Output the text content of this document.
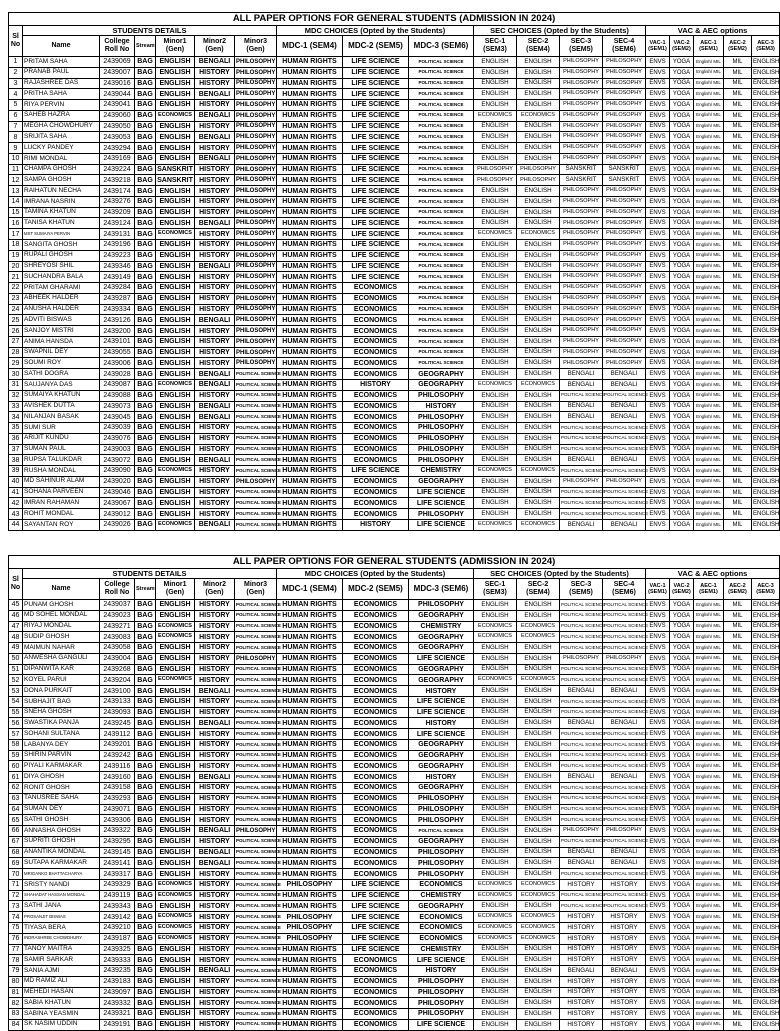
ALL PAPER OPTIONS FOR GENERAL STUDENTS (ADMISSION IN 2024)																		
Sl No	STUDENTS DETAILS						MDC CHOICES (Opted by the Students)			SEC CHOICES (Opted by the Students)				VAC & AEC options				
	Name	College Roll No	Stream	Minor1 (Gen)	Minor2 (Gen)	Minor3 (Gen)	MDC-1 (SEM4)	MDC-2 (SEM5)	MDC-3 (SEM6)	SEC-1 (SEM3)	SEC-2 (SEM4)	SEC-3 (SEM5)	SEC-4 (SEM6)	VAC-1 (SEM1)	VAC-2 (SEM2)	AEC-1 (SEM1)	AEC-2 (SEM2)	AEC-3 (SEM3)
1	PRITAM SAHA	2439069	BAG	ENGLISH	BENGALI	PHILOSOPHY	HUMAN RIGHTS	LIFE SCIENCE	POLITICAL SCIENCE	ENGLISH	ENGLISH	PHILOSOPHY	PHILOSOPHY	ENVS	YOGA	English/ MIL	MIL	ENGLISH
2	PRANAB PAUL	2439007	BAG	ENGLISH	HISTORY	PHILOSOPHY	HUMAN RIGHTS	LIFE SCIENCE	POLITICAL SCIENCE	ENGLISH	ENGLISH	PHILOSOPHY	PHILOSOPHY	ENVS	YOGA	English/ MIL	MIL	ENGLISH
3	RAJASHREE DAS	2439016	BAG	ENGLISH	HISTORY	PHILOSOPHY	HUMAN RIGHTS	LIFE SCIENCE	POLITICAL SCIENCE	ENGLISH	ENGLISH	PHILOSOPHY	PHILOSOPHY	ENVS	YOGA	English/ MIL	MIL	ENGLISH
4	PRITHA SAHA	2439044	BAG	ENGLISH	BENGALI	PHILOSOPHY	HUMAN RIGHTS	LIFE SCIENCE	POLITICAL SCIENCE	ENGLISH	ENGLISH	PHILOSOPHY	PHILOSOPHY	ENVS	YOGA	English/ MIL	MIL	ENGLISH
5	RIYA PERVIN	2439041	BAG	ENGLISH	HISTORY	PHILOSOPHY	HUMAN RIGHTS	LIFE SCIENCE	POLITICAL SCIENCE	ENGLISH	ENGLISH	PHILOSOPHY	PHILOSOPHY	ENVS	YOGA	English/ MIL	MIL	ENGLISH
6	SAHEB HAZRA	2439060	BAG	ECONOMICS	BENGALI	PHILOSOPHY	HUMAN RIGHTS	LIFE SCIENCE	POLITICAL SCIENCE	ECONOMICS	ECONOMICS	PHILOSOPHY	PHILOSOPHY	ENVS	YOGA	English/ MIL	MIL	ENGLISH
7	MEGHA CHOWDHURY	2439050	BAG	ENGLISH	HISTORY	PHILOSOPHY	HUMAN RIGHTS	LIFE SCIENCE	POLITICAL SCIENCE	ENGLISH	ENGLISH	PHILOSOPHY	PHILOSOPHY	ENVS	YOGA	English/ MIL	MIL	ENGLISH
8	SRIJITA SAHA	2439053	BAG	ENGLISH	BENGALI	PHILOSOPHY	HUMAN RIGHTS	LIFE SCIENCE	POLITICAL SCIENCE	ENGLISH	ENGLISH	PHILOSOPHY	PHILOSOPHY	ENVS	YOGA	English/ MIL	MIL	ENGLISH
9	LUCKY PANDEY	2439294	BAG	ENGLISH	HISTORY	PHILOSOPHY	HUMAN RIGHTS	LIFE SCIENCE	POLITICAL SCIENCE	ENGLISH	ENGLISH	PHILOSOPHY	PHILOSOPHY	ENVS	YOGA	English/ MIL	MIL	ENGLISH
10	RIMI MONDAL	2439169	BAG	ENGLISH	BENGALI	PHILOSOPHY	HUMAN RIGHTS	LIFE SCIENCE	POLITICAL SCIENCE	ENGLISH	ENGLISH	PHILOSOPHY	PHILOSOPHY	ENVS	YOGA	English/ MIL	MIL	ENGLISH
11	CHAMPA GHOSH	2439224	BAG	SANSKRIT	HISTORY	PHILOSOPHY	HUMAN RIGHTS	LIFE SCIENCE	POLITICAL SCIENCE	PHILOSOPHY	PHILOSOPHY	SANSKRIT	SANSKRIT	ENVS	YOGA	English/ MIL	MIL	ENGLISH
12	SAMPA GHOSH	2439218	BAG	SANSKRIT	HISTORY	PHILOSOPHY	HUMAN RIGHTS	LIFE SCIENCE	POLITICAL SCIENCE	PHILOSOPHY	PHILOSOPHY	SANSKRIT	SANSKRIT	ENVS	YOGA	English/ MIL	MIL	ENGLISH
13	RAIHATUN NECHA	2439174	BAG	ENGLISH	HISTORY	PHILOSOPHY	HUMAN RIGHTS	LIFE SCIENCE	POLITICAL SCIENCE	ENGLISH	ENGLISH	PHILOSOPHY	PHILOSOPHY	ENVS	YOGA	English/ MIL	MIL	ENGLISH
14	IMRANA NASRIN	2439276	BAG	ENGLISH	HISTORY	PHILOSOPHY	HUMAN RIGHTS	LIFE SCIENCE	POLITICAL SCIENCE	ENGLISH	ENGLISH	PHILOSOPHY	PHILOSOPHY	ENVS	YOGA	English/ MIL	MIL	ENGLISH
15	TAMINA KHATUN	2439209	BAG	ENGLISH	HISTORY	PHILOSOPHY	HUMAN RIGHTS	LIFE SCIENCE	POLITICAL SCIENCE	ENGLISH	ENGLISH	PHILOSOPHY	PHILOSOPHY	ENVS	YOGA	English/ MIL	MIL	ENGLISH
16	TANISA KHATUN	2439124	BAG	ENGLISH	BENGALI	PHILOSOPHY	HUMAN RIGHTS	LIFE SCIENCE	POLITICAL SCIENCE	ENGLISH	ENGLISH	PHILOSOPHY	PHILOSOPHY	ENVS	YOGA	English/ MIL	MIL	ENGLISH
17	MST SUMAIYA PERVIN	2439131	BAG	ECONOMICS	HISTORY	PHILOSOPHY	HUMAN RIGHTS	LIFE SCIENCE	POLITICAL SCIENCE	ECONOMICS	ECONOMICS	PHILOSOPHY	PHILOSOPHY	ENVS	YOGA	English/ MIL	MIL	ENGLISH
18	SANGITA GHOSH	2439196	BAG	ENGLISH	HISTORY	PHILOSOPHY	HUMAN RIGHTS	LIFE SCIENCE	POLITICAL SCIENCE	ENGLISH	ENGLISH	PHILOSOPHY	PHILOSOPHY	ENVS	YOGA	English/ MIL	MIL	ENGLISH
19	RUPALI GHOSH	2439223	BAG	ENGLISH	HISTORY	PHILOSOPHY	HUMAN RIGHTS	LIFE SCIENCE	POLITICAL SCIENCE	ENGLISH	ENGLISH	PHILOSOPHY	PHILOSOPHY	ENVS	YOGA	English/ MIL	MIL	ENGLISH
20	SHREYOSI SHIL	2439346	BAG	ENGLISH	BENGALI	PHILOSOPHY	HUMAN RIGHTS	LIFE SCIENCE	POLITICAL SCIENCE	ENGLISH	ENGLISH	PHILOSOPHY	PHILOSOPHY	ENVS	YOGA	English/ MIL	MIL	ENGLISH
21	SUCHANDRA BALA	2439149	BAG	ENGLISH	HISTORY	PHILOSOPHY	HUMAN RIGHTS	LIFE SCIENCE	POLITICAL SCIENCE	ENGLISH	ENGLISH	PHILOSOPHY	PHILOSOPHY	ENVS	YOGA	English/ MIL	MIL	ENGLISH
22	PRITAM GHARAMI	2439284	BAG	ENGLISH	HISTORY	PHILOSOPHY	HUMAN RIGHTS	ECONOMICS	POLITICAL SCIENCE	ENGLISH	ENGLISH	PHILOSOPHY	PHILOSOPHY	ENVS	YOGA	English/ MIL	MIL	ENGLISH
23	ABHEEK HALDER	2439287	BAG	ENGLISH	HISTORY	PHILOSOPHY	HUMAN RIGHTS	ECONOMICS	POLITICAL SCIENCE	ENGLISH	ENGLISH	PHILOSOPHY	PHILOSOPHY	ENVS	YOGA	English/ MIL	MIL	ENGLISH
24	ANUSHA HALDER	2439334	BAG	ENGLISH	HISTORY	PHILOSOPHY	HUMAN RIGHTS	ECONOMICS	POLITICAL SCIENCE	ENGLISH	ENGLISH	PHILOSOPHY	PHILOSOPHY	ENVS	YOGA	English/ MIL	MIL	ENGLISH
25	ADVITI BISWAS	2439126	BAG	ENGLISH	BENGALI	PHILOSOPHY	HUMAN RIGHTS	ECONOMICS	POLITICAL SCIENCE	ENGLISH	ENGLISH	PHILOSOPHY	PHILOSOPHY	ENVS	YOGA	English/ MIL	MIL	ENGLISH
26	SANJOY MISTRI	2439200	BAG	ENGLISH	HISTORY	PHILOSOPHY	HUMAN RIGHTS	ECONOMICS	POLITICAL SCIENCE	ENGLISH	ENGLISH	PHILOSOPHY	PHILOSOPHY	ENVS	YOGA	English/ MIL	MIL	ENGLISH
27	ANIMA HANSDA	2439101	BAG	ENGLISH	HISTORY	PHILOSOPHY	HUMAN RIGHTS	ECONOMICS	POLITICAL SCIENCE	ENGLISH	ENGLISH	PHILOSOPHY	PHILOSOPHY	ENVS	YOGA	English/ MIL	MIL	ENGLISH
28	SWAPNIL DEY	2439055	BAG	ENGLISH	HISTORY	PHILOSOPHY	HUMAN RIGHTS	ECONOMICS	POLITICAL SCIENCE	ENGLISH	ENGLISH	PHILOSOPHY	PHILOSOPHY	ENVS	YOGA	English/ MIL	MIL	ENGLISH
29	SOUMI ROY	2439006	BAG	ENGLISH	HISTORY	PHILOSOPHY	HUMAN RIGHTS	ECONOMICS	POLITICAL SCIENCE	ENGLISH	ENGLISH	PHILOSOPHY	PHILOSOPHY	ENVS	YOGA	English/ MIL	MIL	ENGLISH
30	SATHI DOGRA	2439028	BAG	ENGLISH	BENGALI	POLITICAL SCIENCE	HUMAN RIGHTS	ECONOMICS	GEOGRAPHY	ENGLISH	ENGLISH	BENGALI	BENGALI	ENVS	YOGA	English/ MIL	MIL	ENGLISH
31	SAUJANYA DAS	2439087	BAG	ECONOMICS	BENGALI	POLITICAL SCIENCE	HUMAN RIGHTS	HISTORY	GEOGRAPHY	ECONOMICS	ECONOMICS	BENGALI	BENGALI	ENVS	YOGA	English/ MIL	MIL	ENGLISH
32	SUMAIYA KHATUN	2439088	BAG	ENGLISH	HISTORY	POLITICAL SCIENCE	HUMAN RIGHTS	ECONOMICS	PHILOSOPHY	ENGLISH	ENGLISH	POLITICAL SCIENCE	POLITICAL SCIENCE	ENVS	YOGA	English/ MIL	MIL	ENGLISH
33	AVISHEK DUTTA	2439073	BAG	ENGLISH	BENGALI	POLITICAL SCIENCE	HUMAN RIGHTS	ECONOMICS	HISTORY	ENGLISH	ENGLISH	BENGALI	BENGALI	ENVS	YOGA	English/ MIL	MIL	ENGLISH
34	NILANJAN BASAK	2439045	BAG	ENGLISH	BENGALI	POLITICAL SCIENCE	HUMAN RIGHTS	ECONOMICS	PHILOSOPHY	ENGLISH	ENGLISH	BENGALI	BENGALI	ENVS	YOGA	English/ MIL	MIL	ENGLISH
35	SUMI SUR	2439039	BAG	ENGLISH	HISTORY	POLITICAL SCIENCE	HUMAN RIGHTS	ECONOMICS	PHILOSOPHY	ENGLISH	ENGLISH	POLITICAL SCIENCE	POLITICAL SCIENCE	ENVS	YOGA	English/ MIL	MIL	ENGLISH
36	ARIJIT KUNDU	2439076	BAG	ENGLISH	HISTORY	POLITICAL SCIENCE	HUMAN RIGHTS	ECONOMICS	PHILOSOPHY	ENGLISH	ENGLISH	POLITICAL SCIENCE	POLITICAL SCIENCE	ENVS	YOGA	English/ MIL	MIL	ENGLISH
37	SUMAN PAUL	2439003	BAG	ENGLISH	HISTORY	POLITICAL SCIENCE	HUMAN RIGHTS	ECONOMICS	PHILOSOPHY	ENGLISH	ENGLISH	POLITICAL SCIENCE	POLITICAL SCIENCE	ENVS	YOGA	English/ MIL	MIL	ENGLISH
38	RUPSA TALUKDAR	2439072	BAG	ENGLISH	BENGALI	POLITICAL SCIENCE	HUMAN RIGHTS	ECONOMICS	PHILOSOPHY	ENGLISH	ENGLISH	BENGALI	BENGALI	ENVS	YOGA	English/ MIL	MIL	ENGLISH
39	RUSHA MONDAL	2439090	BAG	ECONOMICS	HISTORY	POLITICAL SCIENCE	HUMAN RIGHTS	LIFE SCIENCE	CHEMISTRY	ECONOMICS	ECONOMICS	POLITICAL SCIENCE	POLITICAL SCIENCE	ENVS	YOGA	English/ MIL	MIL	ENGLISH
40	MD SAHINUR ALAM	2439020	BAG	ENGLISH	HISTORY	PHILOSOPHY	HUMAN RIGHTS	ECONOMICS	GEOGRAPHY	ENGLISH	ENGLISH	PHILOSOPHY	PHILOSOPHY	ENVS	YOGA	English/ MIL	MIL	ENGLISH
41	SOHANA PARVEEN	2439046	BAG	ENGLISH	HISTORY	POLITICAL SCIENCE	HUMAN RIGHTS	ECONOMICS	LIFE SCIENCE	ENGLISH	ENGLISH	POLITICAL SCIENCE	POLITICAL SCIENCE	ENVS	YOGA	English/ MIL	MIL	ENGLISH
42	IMRAN RAHAMAN	2439067	BAG	ENGLISH	HISTORY	POLITICAL SCIENCE	HUMAN RIGHTS	ECONOMICS	LIFE SCIENCE	ENGLISH	ENGLISH	POLITICAL SCIENCE	POLITICAL SCIENCE	ENVS	YOGA	English/ MIL	MIL	ENGLISH
43	ROHIT MONDAL	2439012	BAG	ENGLISH	HISTORY	POLITICAL SCIENCE	HUMAN RIGHTS	ECONOMICS	PHILOSOPHY	ENGLISH	ENGLISH	POLITICAL SCIENCE	POLITICAL SCIENCE	ENVS	YOGA	English/ MIL	MIL	ENGLISH
44	SAYANTAN ROY	2439026	BAG	ECONOMICS	BENGALI	POLITICAL SCIENCE	HUMAN RIGHTS	HISTORY	LIFE SCIENCE	ECONOMICS	ECONOMICS	BENGALI	BENGALI	ENVS	YOGA	English/ MIL	MIL	ENGLISH
ALL PAPER OPTIONS FOR GENERAL STUDENTS (ADMISSION IN 2024)																		
Sl No	STUDENTS DETAILS						MDC CHOICES (Opted by the Students)			SEC CHOICES (Opted by the Students)				VAC & AEC options				
	Name	College Roll No	Stream	Minor1 (Gen)	Minor2 (Gen)	Minor3 (Gen)	MDC-1 (SEM4)	MDC-2 (SEM5)	MDC-3 (SEM6)	SEC-1 (SEM3)	SEC-2 (SEM4)	SEC-3 (SEM5)	SEC-4 (SEM6)	VAC-1 (SEM1)	VAC-2 (SEM2)	AEC-1 (SEM1)	AEC-2 (SEM2)	AEC-3 (SEM3)
45	PUNAM GHOSH	2439037	BAG	ENGLISH	HISTORY	POLITICAL SCIENCE	HUMAN RIGHTS	ECONOMICS	PHILOSOPHY	ENGLISH	ENGLISH	POLITICAL SCIENCE	POLITICAL SCIENCE	ENVS	YOGA	English/ MIL	MIL	ENGLISH
46	MD SOHEL MONDAL	2439023	BAG	ENGLISH	HISTORY	POLITICAL SCIENCE	HUMAN RIGHTS	ECONOMICS	GEOGRAPHY	ENGLISH	ENGLISH	POLITICAL SCIENCE	POLITICAL SCIENCE	ENVS	YOGA	English/ MIL	MIL	ENGLISH
47	RIYAJ MONDAL	2439271	BAG	ECONOMICS	HISTORY	POLITICAL SCIENCE	HUMAN RIGHTS	ECONOMICS	CHEMISTRY	ECONOMICS	ECONOMICS	POLITICAL SCIENCE	POLITICAL SCIENCE	ENVS	YOGA	English/ MIL	MIL	ENGLISH
48	SUDIP GHOSH	2439083	BAG	ECONOMICS	HISTORY	POLITICAL SCIENCE	HUMAN RIGHTS	ECONOMICS	GEOGRAPHY	ECONOMICS	ECONOMICS	POLITICAL SCIENCE	POLITICAL SCIENCE	ENVS	YOGA	English/ MIL	MIL	ENGLISH
49	MAIMUN NAHAR	2439058	BAG	ENGLISH	HISTORY	POLITICAL SCIENCE	HUMAN RIGHTS	ECONOMICS	GEOGRAPHY	ENGLISH	ENGLISH	POLITICAL SCIENCE	POLITICAL SCIENCE	ENVS	YOGA	English/ MIL	MIL	ENGLISH
50	ANWESHA GANGULI	2439004	BAG	ENGLISH	HISTORY	PHILOSOPHY	HUMAN RIGHTS	ECONOMICS	LIFE SCIENCE	ENGLISH	ENGLISH	PHILOSOPHY	PHILOSOPHY	ENVS	YOGA	English/ MIL	MIL	ENGLISH
51	DIPANWITA KAR	2439268	BAG	ENGLISH	HISTORY	POLITICAL SCIENCE	HUMAN RIGHTS	ECONOMICS	GEOGRAPHY	ENGLISH	ENGLISH	POLITICAL SCIENCE	POLITICAL SCIENCE	ENVS	YOGA	English/ MIL	MIL	ENGLISH
52	KOYEL PARUI	2439204	BAG	ECONOMICS	HISTORY	POLITICAL SCIENCE	HUMAN RIGHTS	ECONOMICS	GEOGRAPHY	ECONOMICS	ECONOMICS	POLITICAL SCIENCE	POLITICAL SCIENCE	ENVS	YOGA	English/ MIL	MIL	ENGLISH
53	DONA PURKAIT	2439100	BAG	ENGLISH	BENGALI	POLITICAL SCIENCE	HUMAN RIGHTS	ECONOMICS	HISTORY	ENGLISH	ENGLISH	BENGALI	BENGALI	ENVS	YOGA	English/ MIL	MIL	ENGLISH
54	SUBHAJIT BAG	2439133	BAG	ENGLISH	HISTORY	POLITICAL SCIENCE	HUMAN RIGHTS	ECONOMICS	LIFE SCIENCE	ENGLISH	ENGLISH	POLITICAL SCIENCE	POLITICAL SCIENCE	ENVS	YOGA	English/ MIL	MIL	ENGLISH
55	SNEHA GHOSH	2439093	BAG	ENGLISH	HISTORY	POLITICAL SCIENCE	HUMAN RIGHTS	ECONOMICS	LIFE SCIENCE	ENGLISH	ENGLISH	POLITICAL SCIENCE	POLITICAL SCIENCE	ENVS	YOGA	English/ MIL	MIL	ENGLISH
56	SWASTIKA PANJA	2439245	BAG	ENGLISH	BENGALI	POLITICAL SCIENCE	HUMAN RIGHTS	ECONOMICS	HISTORY	ENGLISH	ENGLISH	BENGALI	BENGALI	ENVS	YOGA	English/ MIL	MIL	ENGLISH
57	SOHANI SULTANA	2439112	BAG	ENGLISH	HISTORY	POLITICAL SCIENCE	HUMAN RIGHTS	ECONOMICS	LIFE SCIENCE	ENGLISH	ENGLISH	POLITICAL SCIENCE	POLITICAL SCIENCE	ENVS	YOGA	English/ MIL	MIL	ENGLISH
58	LABANYA DEY	2439201	BAG	ENGLISH	HISTORY	POLITICAL SCIENCE	HUMAN RIGHTS	ECONOMICS	GEOGRAPHY	ENGLISH	ENGLISH	POLITICAL SCIENCE	POLITICAL SCIENCE	ENVS	YOGA	English/ MIL	MIL	ENGLISH
59	SHIRIN PARVIN	2439242	BAG	ENGLISH	HISTORY	POLITICAL SCIENCE	HUMAN RIGHTS	ECONOMICS	GEOGRAPHY	ENGLISH	ENGLISH	POLITICAL SCIENCE	POLITICAL SCIENCE	ENVS	YOGA	English/ MIL	MIL	ENGLISH
60	PIYALI KARMAKAR	2439116	BAG	ENGLISH	HISTORY	POLITICAL SCIENCE	HUMAN RIGHTS	ECONOMICS	GEOGRAPHY	ENGLISH	ENGLISH	POLITICAL SCIENCE	POLITICAL SCIENCE	ENVS	YOGA	English/ MIL	MIL	ENGLISH
61	DIYA GHOSH	2439160	BAG	ENGLISH	BENGALI	POLITICAL SCIENCE	HUMAN RIGHTS	ECONOMICS	HISTORY	ENGLISH	ENGLISH	BENGALI	BENGALI	ENVS	YOGA	English/ MIL	MIL	ENGLISH
62	RONIT GHOSH	2439158	BAG	ENGLISH	HISTORY	POLITICAL SCIENCE	HUMAN RIGHTS	ECONOMICS	GEOGRAPHY	ENGLISH	ENGLISH	POLITICAL SCIENCE	POLITICAL SCIENCE	ENVS	YOGA	English/ MIL	MIL	ENGLISH
63	TANUSREE SAHA	2439293	BAG	ENGLISH	HISTORY	POLITICAL SCIENCE	HUMAN RIGHTS	ECONOMICS	PHILOSOPHY	ENGLISH	ENGLISH	POLITICAL SCIENCE	POLITICAL SCIENCE	ENVS	YOGA	English/ MIL	MIL	ENGLISH
64	SUMAN DEY	2439071	BAG	ENGLISH	HISTORY	POLITICAL SCIENCE	HUMAN RIGHTS	ECONOMICS	PHILOSOPHY	ENGLISH	ENGLISH	POLITICAL SCIENCE	POLITICAL SCIENCE	ENVS	YOGA	English/ MIL	MIL	ENGLISH
65	SATHI GHOSH	2439306	BAG	ENGLISH	HISTORY	POLITICAL SCIENCE	HUMAN RIGHTS	ECONOMICS	PHILOSOPHY	ENGLISH	ENGLISH	POLITICAL SCIENCE	POLITICAL SCIENCE	ENVS	YOGA	English/ MIL	MIL	ENGLISH
66	ANNASHA GHOSH	2439322	BAG	ENGLISH	BENGALI	PHILOSOPHY	HUMAN RIGHTS	ECONOMICS	POLITICAL SCIENCE	ENGLISH	ENGLISH	PHILOSOPHY	PHILOSOPHY	ENVS	YOGA	English/ MIL	MIL	ENGLISH
67	SUPRITI GHOSH	2439295	BAG	ENGLISH	HISTORY	POLITICAL SCIENCE	HUMAN RIGHTS	ECONOMICS	GEOGRAPHY	ENGLISH	ENGLISH	POLITICAL SCIENCE	POLITICAL SCIENCE	ENVS	YOGA	English/ MIL	MIL	ENGLISH
68	ANANTIKA MONDAL	2439145	BAG	ENGLISH	BENGALI	POLITICAL SCIENCE	HUMAN RIGHTS	ECONOMICS	PHILOSOPHY	ENGLISH	ENGLISH	BENGALI	BENGALI	ENVS	YOGA	English/ MIL	MIL	ENGLISH
69	SUTAPA KARMAKAR	2439141	BAG	ENGLISH	BENGALI	POLITICAL SCIENCE	HUMAN RIGHTS	ECONOMICS	PHILOSOPHY	ENGLISH	ENGLISH	BENGALI	BENGALI	ENVS	YOGA	English/ MIL	MIL	ENGLISH
70	MRIGANKO BHATTACHARYA	2439317	BAG	ENGLISH	HISTORY	POLITICAL SCIENCE	HUMAN RIGHTS	ECONOMICS	PHILOSOPHY	ENGLISH	ENGLISH	POLITICAL SCIENCE	POLITICAL SCIENCE	ENVS	YOGA	English/ MIL	MIL	ENGLISH
71	SRISTY NANDI	2439329	BAG	ECONOMICS	HISTORY	POLITICAL SCIENCE	PHILOSOPHY	LIFE SCIENCE	ECONOMICS	ECONOMICS	ECONOMICS	HISTORY	HISTORY	ENVS	YOGA	English/ MIL	MIL	ENGLISH
72	SHAHADAT HASSAN MONDAL	2439119	BAG	ECONOMICS	HISTORY	POLITICAL SCIENCE	HUMAN RIGHTS	LIFE SCIENCE	CHEMISTRY	ECONOMICS	ECONOMICS	POLITICAL SCIENCE	POLITICAL SCIENCE	ENVS	YOGA	English/ MIL	MIL	ENGLISH
73	SATHI JANA	2439343	BAG	ENGLISH	HISTORY	POLITICAL SCIENCE	HUMAN RIGHTS	LIFE SCIENCE	GEOGRAPHY	ENGLISH	ENGLISH	POLITICAL SCIENCE	POLITICAL SCIENCE	ENVS	YOGA	English/ MIL	MIL	ENGLISH
74	PROSANJIT BISWAS	2439142	BAG	ECONOMICS	HISTORY	POLITICAL SCIENCE	PHILOSOPHY	LIFE SCIENCE	ECONOMICS	ECONOMICS	ECONOMICS	HISTORY	HISTORY	ENVS	YOGA	English/ MIL	MIL	ENGLISH
75	TIYASA BERA	2439210	BAG	ECONOMICS	HISTORY	POLITICAL SCIENCE	PHILOSOPHY	LIFE SCIENCE	ECONOMICS	ECONOMICS	ECONOMICS	HISTORY	HISTORY	ENVS	YOGA	English/ MIL	MIL	ENGLISH
76	INDRASHREE CHOWDHURY	2439187	BAG	ECONOMICS	HISTORY	POLITICAL SCIENCE	PHILOSOPHY	LIFE SCIENCE	ECONOMICS	ECONOMICS	ECONOMICS	HISTORY	HISTORY	ENVS	YOGA	English/ MIL	MIL	ENGLISH
77	TANOY MAITRA	2439325	BAG	ENGLISH	HISTORY	POLITICAL SCIENCE	HUMAN RIGHTS	LIFE SCIENCE	CHEMISTRY	ENGLISH	ENGLISH	HISTORY	HISTORY	ENVS	YOGA	English/ MIL	MIL	ENGLISH
78	SAMIR SARKAR	2439333	BAG	ENGLISH	HISTORY	POLITICAL SCIENCE	HUMAN RIGHTS	ECONOMICS	LIFE SCIENCE	ENGLISH	ENGLISH	HISTORY	HISTORY	ENVS	YOGA	English/ MIL	MIL	ENGLISH
79	SANIA AJMI	2439235	BAG	ENGLISH	BENGALI	POLITICAL SCIENCE	HUMAN RIGHTS	ECONOMICS	HISTORY	ENGLISH	ENGLISH	BENGALI	BENGALI	ENVS	YOGA	English/ MIL	MIL	ENGLISH
80	MD RAMIZ ALI	2439183	BAG	ENGLISH	HISTORY	POLITICAL SCIENCE	HUMAN RIGHTS	ECONOMICS	PHILOSOPHY	ENGLISH	ENGLISH	HISTORY	HISTORY	ENVS	YOGA	English/ MIL	MIL	ENGLISH
81	MEHEDI HASAN	2439097	BAG	ENGLISH	HISTORY	POLITICAL SCIENCE	HUMAN RIGHTS	ECONOMICS	PHILOSOPHY	ENGLISH	ENGLISH	HISTORY	HISTORY	ENVS	YOGA	English/ MIL	MIL	ENGLISH
82	SABIA KHATUN	2439332	BAG	ENGLISH	HISTORY	POLITICAL SCIENCE	HUMAN RIGHTS	ECONOMICS	PHILOSOPHY	ENGLISH	ENGLISH	HISTORY	HISTORY	ENVS	YOGA	English/ MIL	MIL	ENGLISH
83	SABINA YEASMIN	2439321	BAG	ENGLISH	HISTORY	POLITICAL SCIENCE	HUMAN RIGHTS	ECONOMICS	PHILOSOPHY	ENGLISH	ENGLISH	HISTORY	HISTORY	ENVS	YOGA	English/ MIL	MIL	ENGLISH
84	SK NASIM UDDIN	2439191	BAG	ENGLISH	HISTORY	POLITICAL SCIENCE	HUMAN RIGHTS	ECONOMICS	LIFE SCIENCE	ENGLISH	ENGLISH	HISTORY	HISTORY	ENVS	YOGA	English/ MIL	MIL	ENGLISH
